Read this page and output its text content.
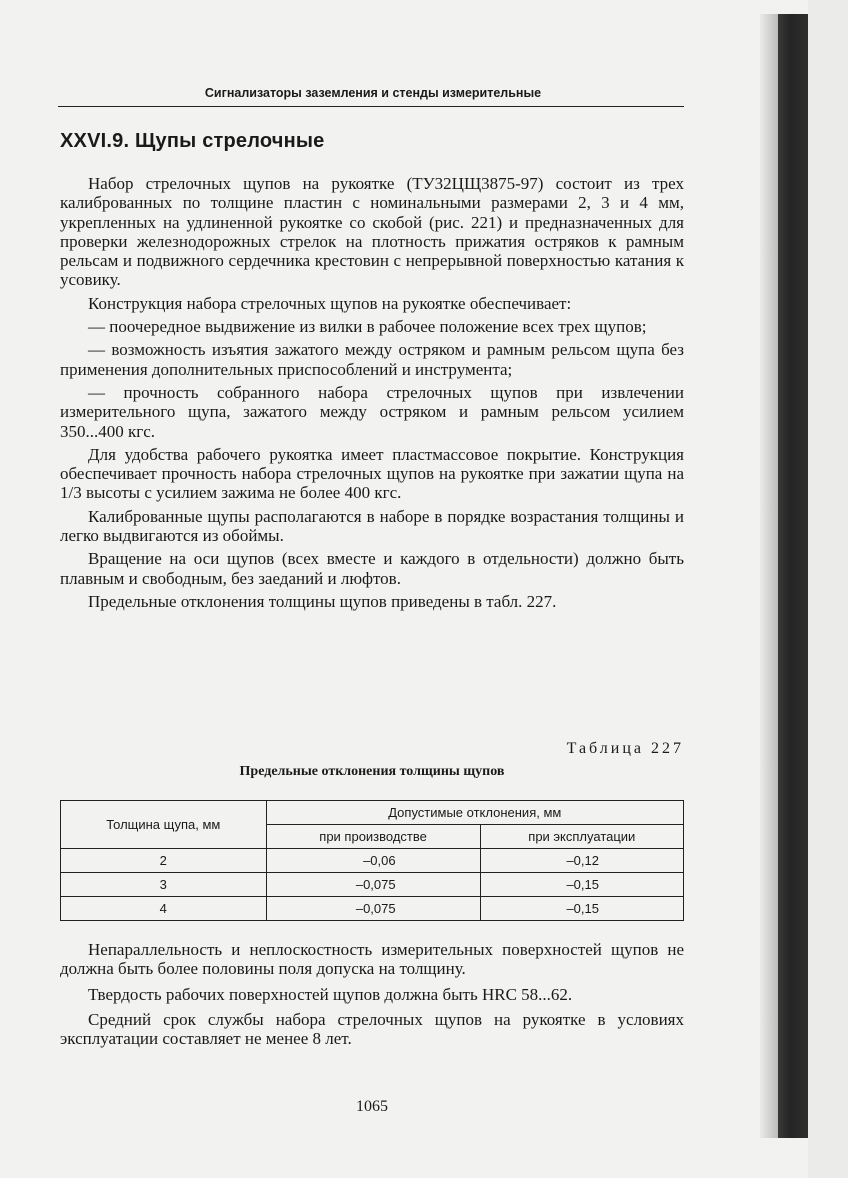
Сигнализаторы заземления и стенды измерительные
XXVI.9. Щупы стрелочные

Набор стрелочных щупов на рукоятке (ТУ32ЦЩ3875-97) состоит из трех калиброванных по толщине пластин с номинальными размерами 2, 3 и 4 мм, укрепленных на удлиненной рукоятке со скобой (рис. 221) и предназначенных для проверки железнодорожных стрелок на плотность прижатия остряков к рамным рельсам и подвижного сердечника крестовин с непрерывной поверхностью катания к усовику.

Конструкция набора стрелочных щупов на рукоятке обеспечивает:

— поочередное выдвижение из вилки в рабочее положение всех трех щупов;

— возможность изъятия зажатого между остряком и рамным рельсом щупа без применения дополнительных приспособлений и инструмента;

— прочность собранного набора стрелочных щупов при извлечении измерительного щупа, зажатого между остряком и рамным рельсом усилием 350...400 кгс.

Для удобства рабочего рукоятка имеет пластмассовое покрытие. Конструкция обеспечивает прочность набора стрелочных щупов на рукоятке при зажатии щупа на 1/3 высоты с усилием зажима не более 400 кгс.

Калиброванные щупы располагаются в наборе в порядке возрастания толщины и легко выдвигаются из обоймы.

Вращение на оси щупов (всех вместе и каждого в отдельности) должно быть плавным и свободным, без заеданий и люфтов.

Предельные отклонения толщины щупов приведены в табл. 227.

Таблица 227
Предельные отклонения толщины щупов
Толщина щупа, мм	Допустимые отклонения, мм	
	при производстве	при эксплуатации
2	–0,06	–0,12
3	–0,075	–0,15
4	–0,075	–0,15

Непараллельность и неплоскостность измерительных поверхностей щупов не должна быть более половины поля допуска на толщину.

Твердость рабочих поверхностей щупов должна быть HRC 58...62.

Средний срок службы набора стрелочных щупов на рукоятке в условиях эксплуатации составляет не менее 8 лет.

1065
